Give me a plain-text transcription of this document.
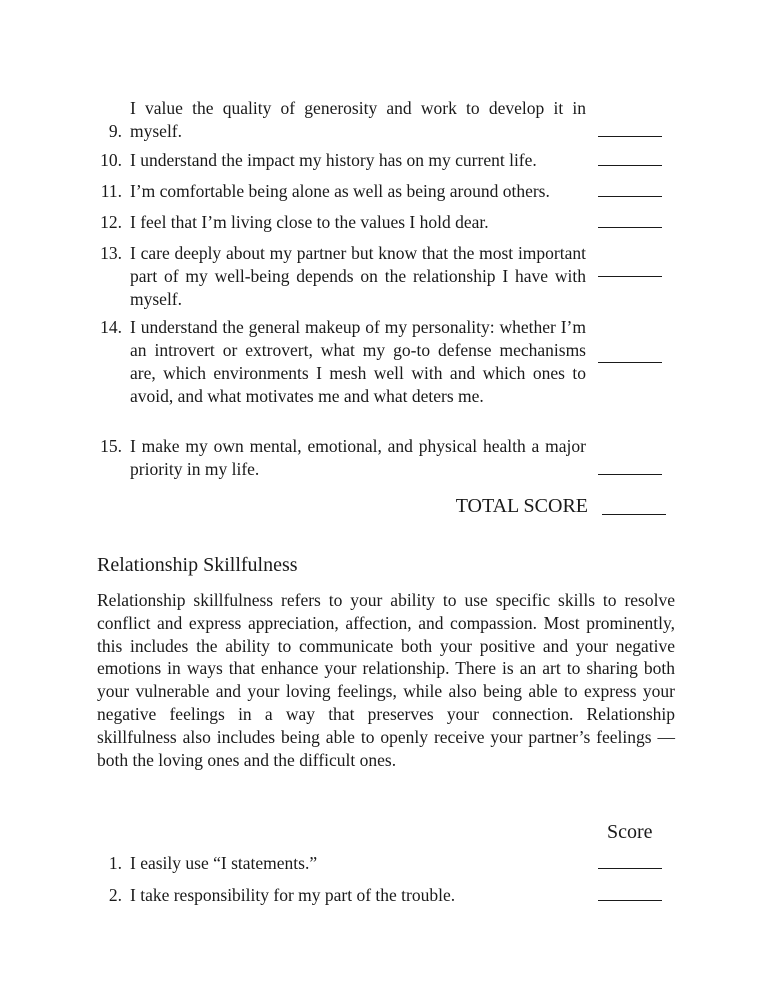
9.
I value the quality of generosity and work to develop it in myself.
10. I understand the impact my history has on my current life.
11. I’m comfortable being alone as well as being around others.
12. I feel that I’m living close to the values I hold dear.
13. I care deeply about my partner but know that the most important part of my well-being depends on the relationship I have with myself.
14. I understand the general makeup of my personality: whether I’m an introvert or extrovert, what my go-to defense mechanisms are, which environments I mesh well with and which ones to avoid, and what motivates me and what deters me.
15. I make my own mental, emotional, and physical health a major priority in my life.
TOTAL SCORE
Relationship Skillfulness
Relationship skillfulness refers to your ability to use specific skills to resolve conflict and express appreciation, affection, and compassion. Most prominently, this includes the ability to communicate both your positive and your negative emotions in ways that enhance your relationship. There is an art to sharing both your vulnerable and your loving feelings, while also being able to express your negative feelings in a way that preserves your connection. Relationship skillfulness also includes being able to openly receive your partner’s feelings — both the loving ones and the difficult ones.
Score
1. I easily use “I statements.”
2. I take responsibility for my part of the trouble.
